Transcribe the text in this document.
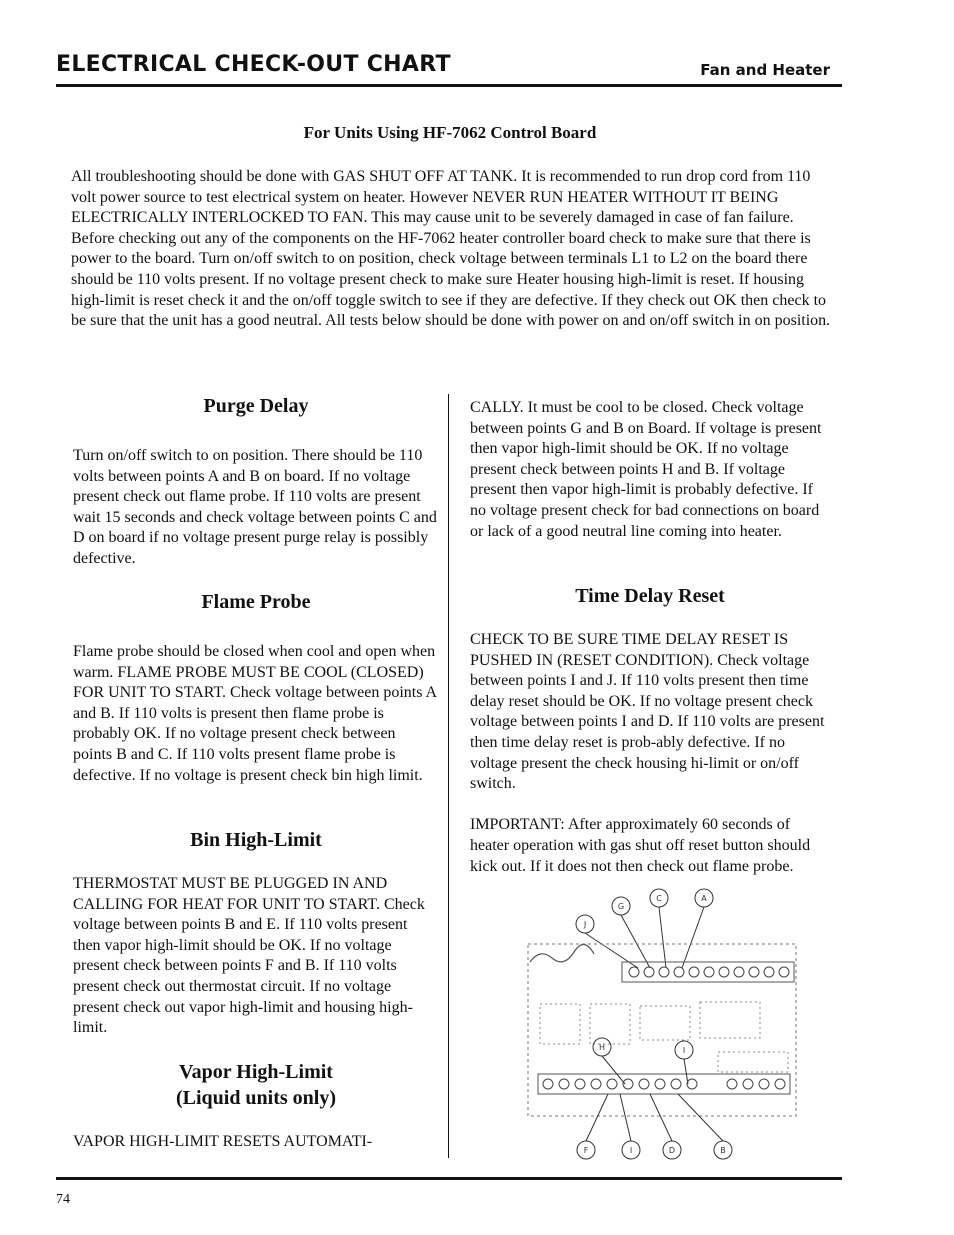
ELECTRICAL CHECK-OUT CHART	Fan and Heater
For Units Using HF-7062 Control Board

All troubleshooting should be done with GAS SHUT OFF AT TANK. It is recommended to run drop cord from 110 volt power source to test electrical system on heater. However NEVER RUN HEATER WITHOUT IT BEING ELECTRICALLY INTERLOCKED TO FAN. This may cause unit to be severely damaged in case of fan failure.

Before checking out any of the components on the HF-7062 heater controller board check to make sure that there is power to the board. Turn on/off switch to on position, check voltage between terminals L1 to L2 on the board there should be 110 volts present. If no voltage present check to make sure Heater housing high-limit is reset. If housing high-limit is reset check it and the on/off toggle switch to see if they are defective. If they check out OK then check to be sure that the unit has a good neutral. All tests below should be done with power on and on/off switch in on position.

Purge Delay

Turn on/off switch to on position. There should be 110 volts between points A and B on board. If no voltage present check out flame probe. If 110 volts are present wait 15 seconds and check voltage between points C and D on board if no voltage present purge relay is possibly defective.

Flame Probe

Flame probe should be closed when cool and open when warm. FLAME PROBE MUST BE COOL (CLOSED) FOR UNIT TO START. Check voltage between points A and B. If 110 volts is present then flame probe is probably OK. If no voltage present check between points B and C. If 110 volts present flame probe is defective. If no voltage is present check bin high limit.

Bin High-Limit

THERMOSTAT MUST BE PLUGGED IN AND CALLING FOR HEAT FOR UNIT TO START. Check voltage between points B and E. If 110 volts present then vapor high-limit should be OK. If no voltage present check between points F and B. If 110 volts present check out thermostat circuit. If no voltage present check out vapor high-limit and housing high-limit.

Vapor High-Limit
(Liquid units only)

VAPOR HIGH-LIMIT RESETS AUTOMATI-

CALLY. It must be cool to be closed. Check voltage between points G and B on Board. If voltage is present then vapor high-limit should be OK. If no voltage present check between points H and B. If voltage present then vapor high-limit is probably defective. If no voltage present check for bad connections on board or lack of a good neutral line coming into heater.

Time Delay Reset

CHECK TO BE SURE TIME DELAY RESET IS PUSHED IN (RESET CONDITION). Check voltage between points I and J. If 110 volts present then time delay reset should be OK. If no voltage present check voltage between points I and D. If 110 volts are present then time delay reset is prob-ably defective. If no voltage present the check housing hi-limit or on/off switch.

IMPORTANT: After approximately 60 seconds of heater operation with gas shut off reset button should kick out. If it does not then check out flame probe.

J
G
C	A
H	I
F	I	D	B
74
